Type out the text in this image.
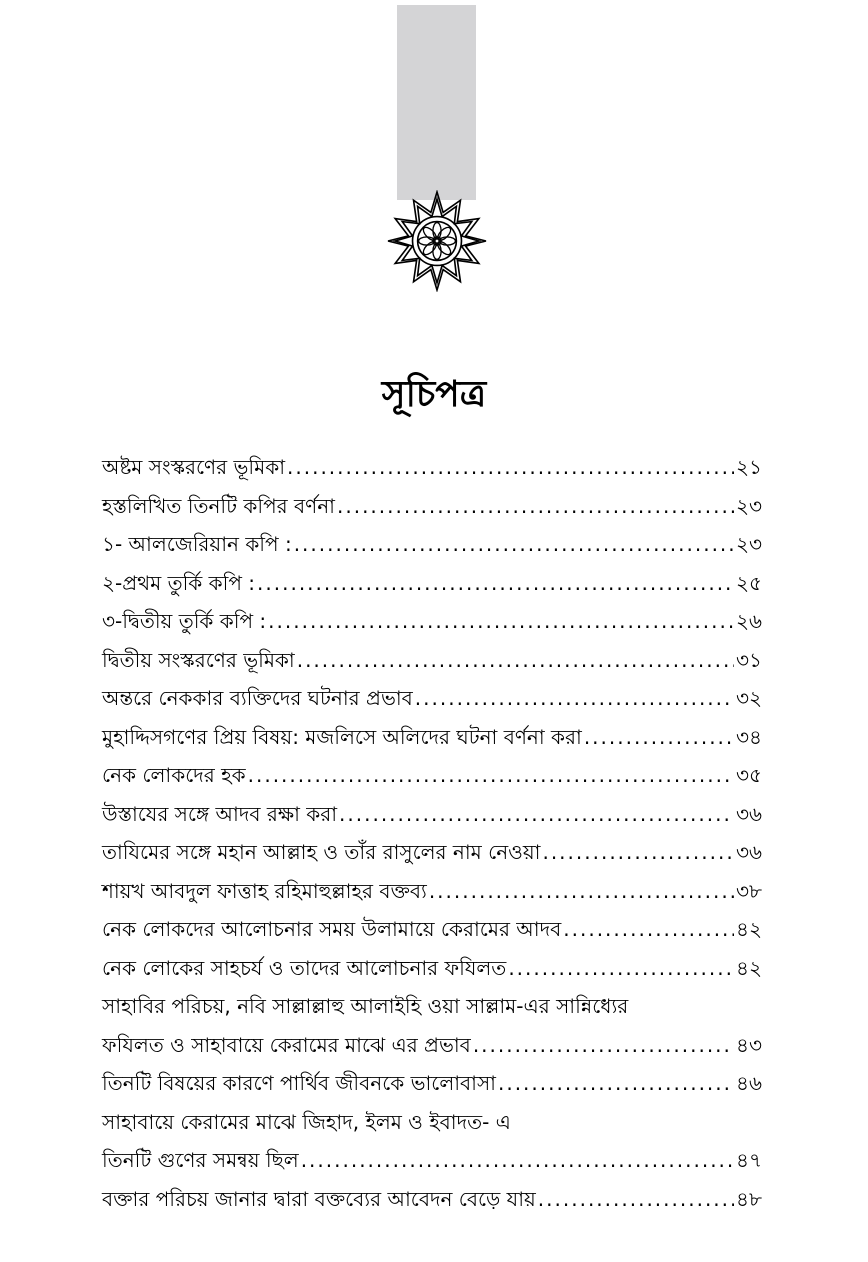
সূচিপত্র
অষ্টম সংস্করণের ভূমিকা .....	২১
হস্তলিখিত তিনটি কপির বর্ণনা .....	২৩
১- আলজেরিয়ান কপি : .....	২৩
২-প্রথম তুর্কি কপি : .....	২৫
৩-দ্বিতীয় তুর্কি কপি : .....	২৬
দ্বিতীয় সংস্করণের ভূমিকা .....	৩১
অন্তরে নেককার ব্যক্তিদের ঘটনার প্রভাব .....	৩২
মুহাদ্দিসগণের প্রিয় বিষয়: মজলিসে অলিদের ঘটনা বর্ণনা করা .....	৩৪
নেক লোকদের হক .....	৩৫
উস্তাযের সঙ্গে আদব রক্ষা করা .....	৩৬
তাযিমের সঙ্গে মহান আল্লাহ ও তাঁর রাসুলের নাম নেওয়া .....	৩৬
শায়খ আবদুল ফাত্তাহ রহিমাহুল্লাহর বক্তব্য .....	৩৮
নেক লোকদের আলোচনার সময় উলামায়ে কেরামের আদব .....	৪২
নেক লোকের সাহচর্য ও তাদের আলোচনার ফযিলত .....	৪২
সাহাবির পরিচয়, নবি সাল্লাল্লাহু আলাইহি ওয়া সাল্লাম-এর সান্নিধ্যের
ফযিলত ও সাহাবায়ে কেরামের মাঝে এর প্রভাব .....	৪৩
তিনটি বিষয়ের কারণে পার্থিব জীবনকে ভালোবাসা .....	৪৬
সাহাবায়ে কেরামের মাঝে জিহাদ, ইলম ও ইবাদত- এ
তিনটি গুণের সমন্বয় ছিল .....	৪৭
বক্তার পরিচয় জানার দ্বারা বক্তব্যের আবেদন বেড়ে যায় .....	৪৮
